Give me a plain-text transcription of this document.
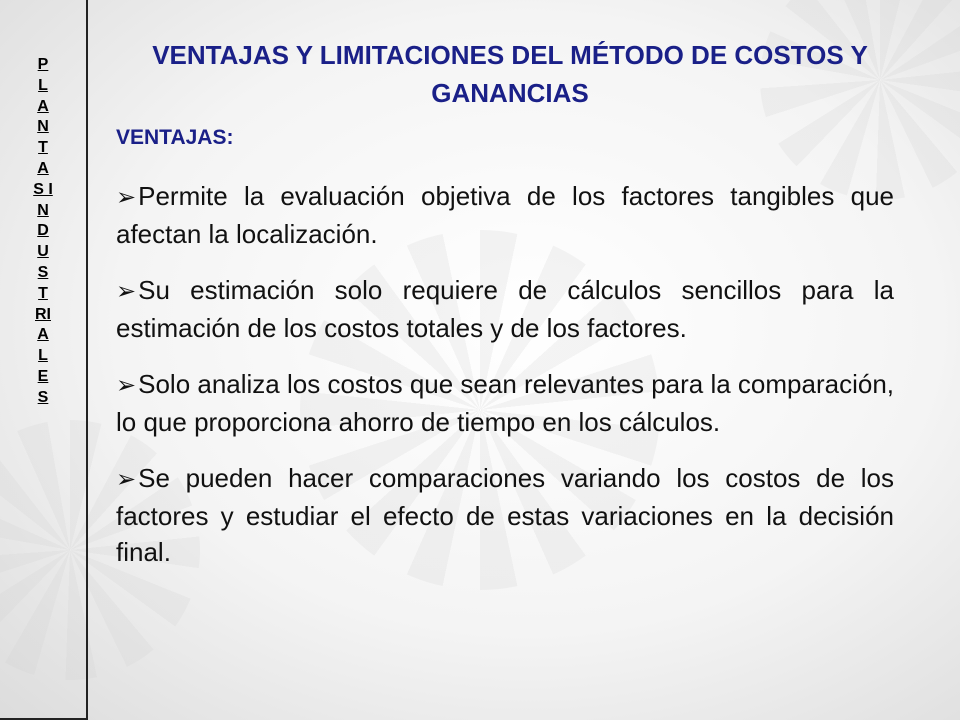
PLANTAS INDUSTRIALES
VENTAJAS Y LIMITACIONES DEL MÉTODO DE COSTOS Y GANANCIAS
VENTAJAS:
➢Permite la evaluación objetiva de los factores tangibles que afectan la localización.
➢Su estimación solo requiere de cálculos sencillos para la estimación de los costos totales y de los factores.
➢Solo analiza los costos que sean relevantes para la comparación, lo que proporciona ahorro de tiempo en los cálculos.
➢Se pueden hacer comparaciones variando los costos de los factores y estudiar el efecto de estas variaciones en la decisión final.
